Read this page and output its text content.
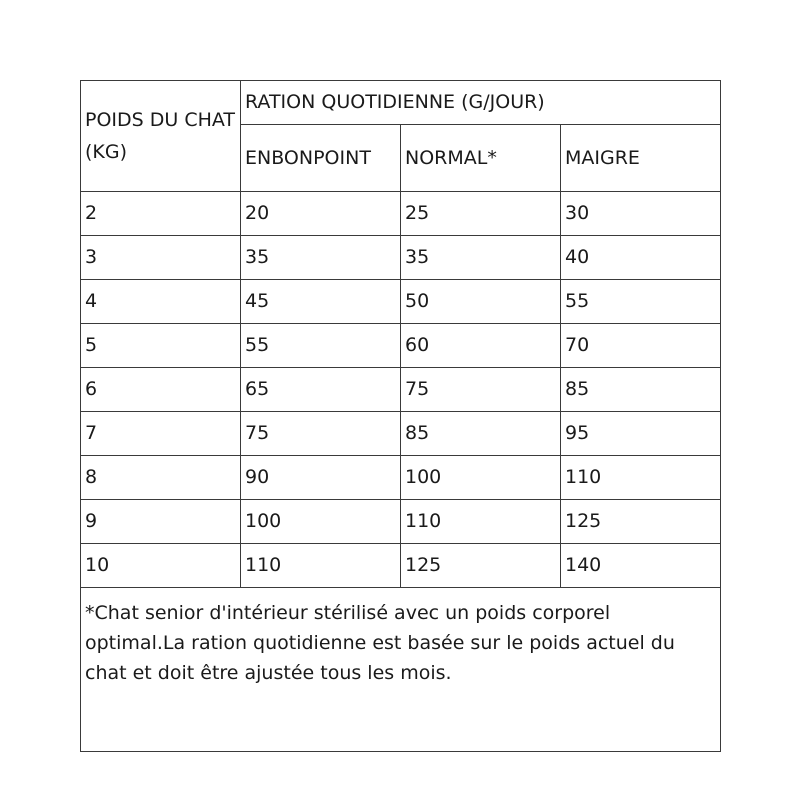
POIDS DU CHAT (KG)	RATION QUOTIDIENNE (G/JOUR)		
	ENBONPOINT	NORMAL*	MAIGRE
2	20	25	30
3	35	35	40
4	45	50	55
5	55	60	70
6	65	75	85
7	75	85	95
8	90	100	110
9	100	110	125
10	110	125	140
*Chat senior d'intérieur stérilisé avec un poids corporel optimal.La ration quotidienne est basée sur le poids actuel du chat et doit être ajustée tous les mois.			
